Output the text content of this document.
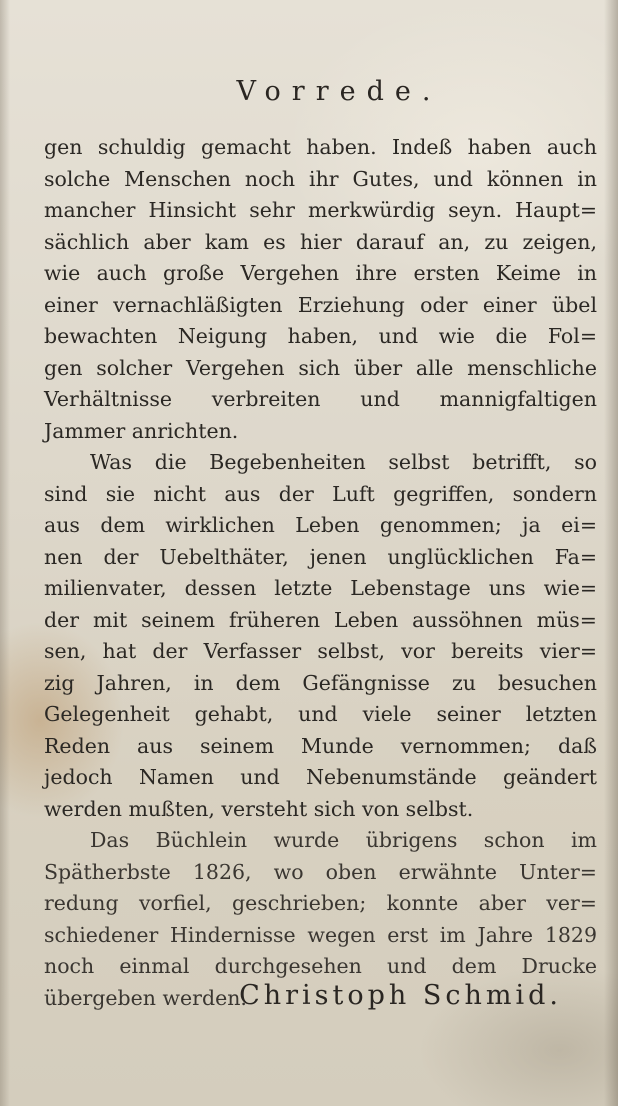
Vorrede.
gen schuldig gemacht haben. Indeß haben auch
solche Menschen noch ihr Gutes, und können in
mancher Hinsicht sehr merkwürdig seyn. Haupt=
sächlich aber kam es hier darauf an, zu zeigen,
wie auch große Vergehen ihre ersten Keime in
einer vernachläßigten Erziehung oder einer übel
bewachten Neigung haben, und wie die Fol=
gen solcher Vergehen sich über alle menschliche
Verhältnisse verbreiten und mannigfaltigen
Jammer anrichten.
Was die Begebenheiten selbst betrifft, so
sind sie nicht aus der Luft gegriffen, sondern
aus dem wirklichen Leben genommen; ja ei=
nen der Uebelthäter, jenen unglücklichen Fa=
milienvater, dessen letzte Lebenstage uns wie=
der mit seinem früheren Leben aussöhnen müs=
sen, hat der Verfasser selbst, vor bereits vier=
zig Jahren, in dem Gefängnisse zu besuchen
Gelegenheit gehabt, und viele seiner letzten
Reden aus seinem Munde vernommen; daß
jedoch Namen und Nebenumstände geändert
werden mußten, versteht sich von selbst.
Das Büchlein wurde übrigens schon im
Spätherbste 1826, wo oben erwähnte Unter=
redung vorfiel, geschrieben; konnte aber ver=
schiedener Hindernisse wegen erst im Jahre 1829
noch einmal durchgesehen und dem Drucke
übergeben werden.
Christoph Schmid.
